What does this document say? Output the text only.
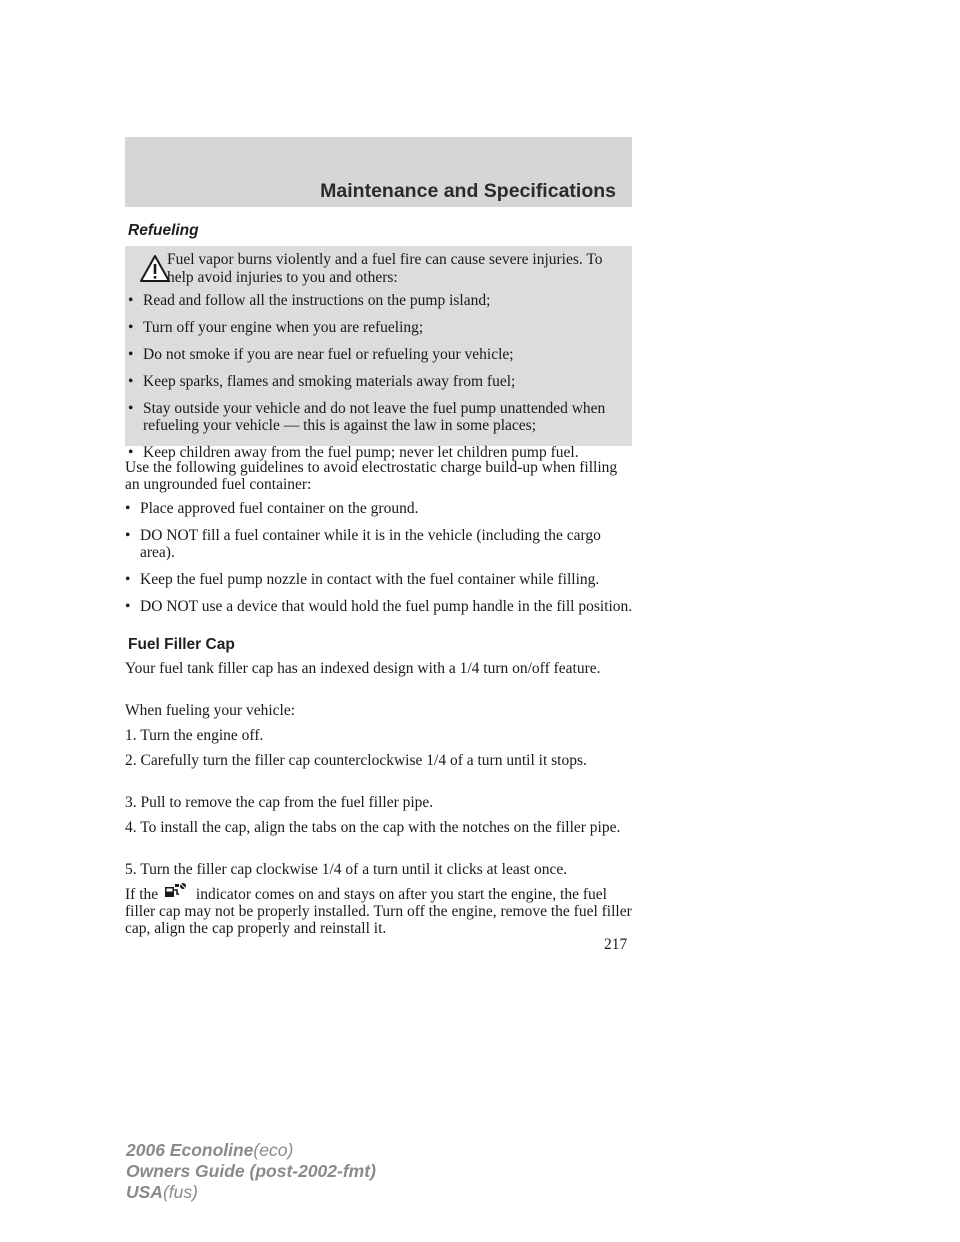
Maintenance and Specifications
Refueling
Fuel vapor burns violently and a fuel fire can cause severe injuries. To help avoid injuries to you and others:
• Read and follow all the instructions on the pump island;
• Turn off your engine when you are refueling;
• Do not smoke if you are near fuel or refueling your vehicle;
• Keep sparks, flames and smoking materials away from fuel;
• Stay outside your vehicle and do not leave the fuel pump unattended when refueling your vehicle — this is against the law in some places;
• Keep children away from the fuel pump; never let children pump fuel.

Use the following guidelines to avoid electrostatic charge build-up when filling an ungrounded fuel container:

• Place approved fuel container on the ground.
• DO NOT fill a fuel container while it is in the vehicle (including the cargo area).
• Keep the fuel pump nozzle in contact with the fuel container while filling.
• DO NOT use a device that would hold the fuel pump handle in the fill position.
Fuel Filler Cap

Your fuel tank filler cap has an indexed design with a 1/4 turn on/off feature.

When fueling your vehicle:

1. Turn the engine off.

2. Carefully turn the filler cap counterclockwise 1/4 of a turn until it stops.

3. Pull to remove the cap from the fuel filler pipe.

4. To install the cap, align the tabs on the cap with the notches on the filler pipe.

5. Turn the filler cap clockwise 1/4 of a turn until it clicks at least once.

If the indicator comes on and stays on after you start the engine, the fuel filler cap may not be properly installed. Turn off the engine, remove the fuel filler cap, align the cap properly and reinstall it.

217
2006 Econoline(eco)
Owners Guide (post-2002-fmt)
USA(fus)
